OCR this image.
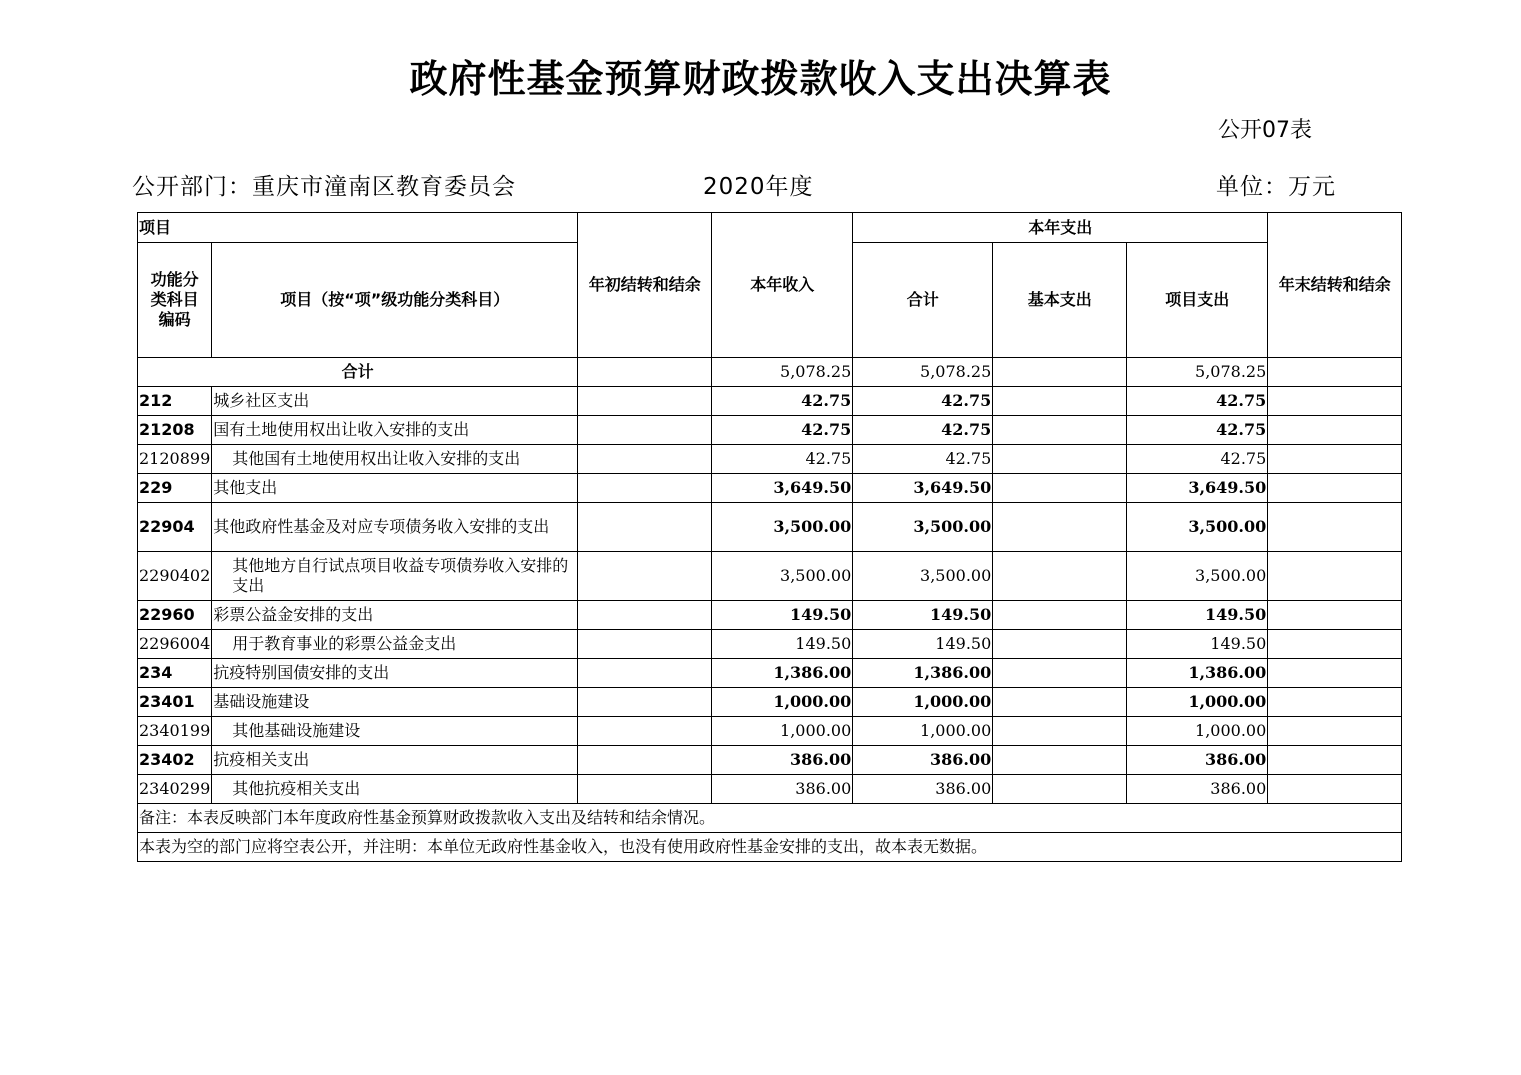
政府性基金预算财政拨款收入支出决算表
公开07表
公开部门：重庆市潼南区教育委员会	2020年度	单位：万元
项目		年初结转和结余	本年收入	本年支出			年末结转和结余
功能分类科目编码	项目（按“项”级功能分类科目）			合计	基本支出	项目支出	
合计			5,078.25	5,078.25		5,078.25	
212	城乡社区支出		42.75	42.75		42.75	
21208	国有土地使用权出让收入安排的支出		42.75	42.75		42.75	
2120899	其他国有土地使用权出让收入安排的支出		42.75	42.75		42.75	
229	其他支出		3,649.50	3,649.50		3,649.50	
22904	其他政府性基金及对应专项债务收入安排的支出		3,500.00	3,500.00		3,500.00	
2290402	其他地方自行试点项目收益专项债券收入安排的支出		3,500.00	3,500.00		3,500.00	
22960	彩票公益金安排的支出		149.50	149.50		149.50	
2296004	用于教育事业的彩票公益金支出		149.50	149.50		149.50	
234	抗疫特别国债安排的支出		1,386.00	1,386.00		1,386.00	
23401	基础设施建设		1,000.00	1,000.00		1,000.00	
2340199	其他基础设施建设		1,000.00	1,000.00		1,000.00	
23402	抗疫相关支出		386.00	386.00		386.00	
2340299	其他抗疫相关支出		386.00	386.00		386.00	
备注：本表反映部门本年度政府性基金预算财政拨款收入支出及结转和结余情况。							
本表为空的部门应将空表公开，并注明：本单位无政府性基金收入，也没有使用政府性基金安排的支出，故本表无数据。							
